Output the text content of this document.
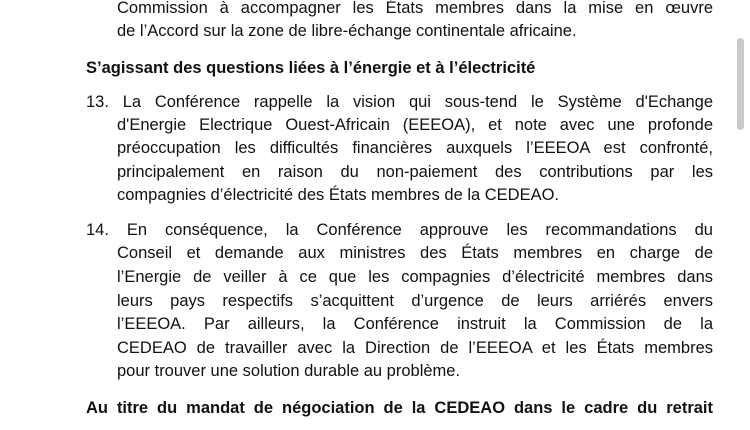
Commission à accompagner les États membres dans la mise en œuvre
de l’Accord sur la zone de libre-échange continentale africaine.
S’agissant des questions liées à l’énergie et à l’électricité
13. La Conférence rappelle la vision qui sous-tend le Système d'Echange
d'Energie Electrique Ouest-Africain (EEEOA), et note avec une profonde
préoccupation les difficultés financières auxquels l’EEEOA est confronté,
principalement en raison du non-paiement des contributions par les
compagnies d’électricité des États membres de la CEDEAO.
14. En conséquence, la Conférence approuve les recommandations du
Conseil et demande aux ministres des États membres en charge de
l’Energie de veiller à ce que les compagnies d’électricité membres dans
leurs pays respectifs s’acquittent d’urgence de leurs arriérés envers
l’EEEOA. Par ailleurs, la Conférence instruit la Commission de la
CEDEAO de travailler avec la Direction de l’EEEOA et les États membres
pour trouver une solution durable au problème.
Au titre du mandat de négociation de la CEDEAO dans le cadre du retrait
